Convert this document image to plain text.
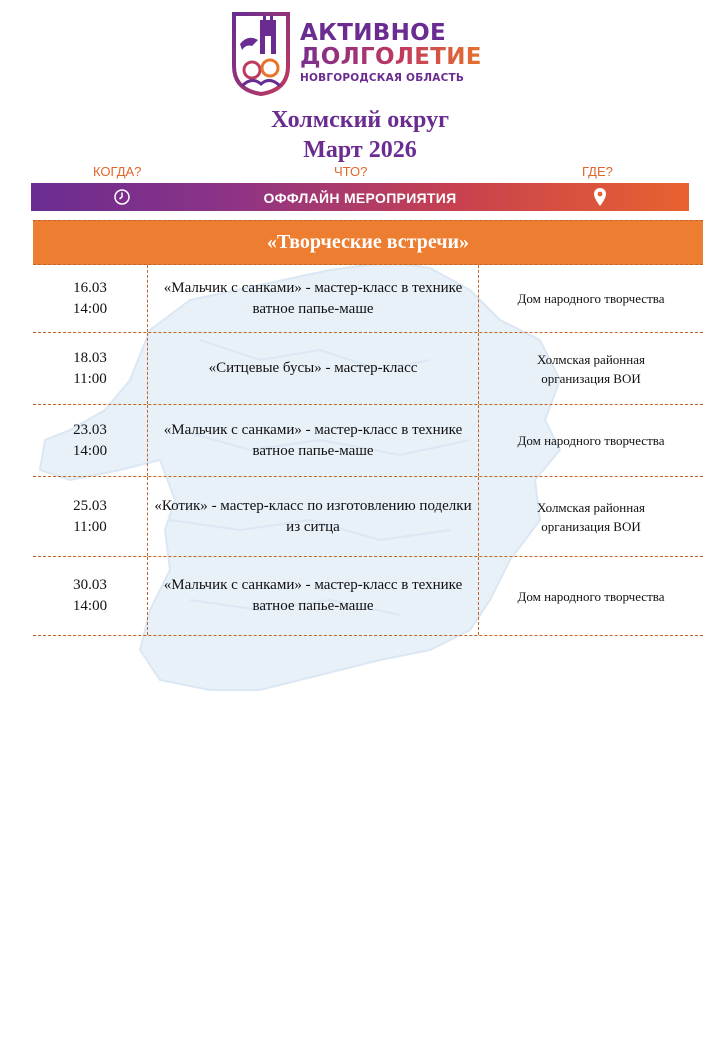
АКТИВНОЕ
ДОЛГОЛЕТИЕ
НОВГОРОДСКАЯ ОБЛАСТЬ
Холмский округ
Март 2026
КОГДА?	ЧТО?	ГДЕ?
ОФФЛАЙН МЕРОПРИЯТИЯ
«Творческие встречи»
16.03
14:00
«Мальчик с санками» - мастер-класс в технике ватное папье-маше
Дом народного творчества
18.03
11:00
«Ситцевые бусы» - мастер-класс
Холмская районная
организация ВОИ
23.03
14:00
«Мальчик с санками» - мастер-класс в технике ватное папье-маше
Дом народного творчества
25.03
11:00
«Котик» - мастер-класс по изготовлению поделки из ситца
Холмская районная
организация ВОИ
30.03
14:00
«Мальчик с санками» - мастер-класс в технике ватное папье-маше
Дом народного творчества
